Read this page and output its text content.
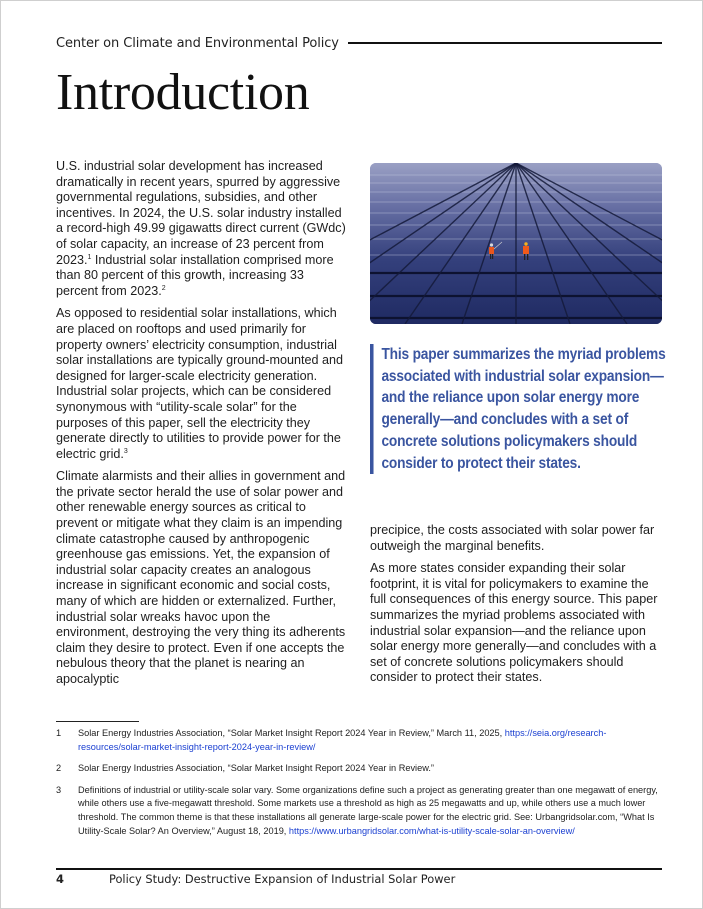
Center on Climate and Environmental Policy
Introduction

U.S. industrial solar development has increased dramatically in recent years, spurred by aggressive governmental regulations, subsidies, and other incentives. In 2024, the U.S. solar industry installed a record-high 49.99 gigawatts direct current (GWdc) of solar capacity, an increase of 23 percent from 2023.$^1$ Industrial solar installation comprised more than 80 percent of this growth, increasing 33 percent from 2023.$^2$

As opposed to residential solar installations, which are placed on rooftops and used primarily for property owners’ electricity consumption, industrial solar installations are typically ground-mounted and designed for larger-scale electricity generation. Industrial solar projects, which can be considered synonymous with “utility-scale solar” for the purposes of this paper, sell the electricity they generate directly to utilities to provide power for the electric grid.$^3$

Climate alarmists and their allies in government and the private sector herald the use of solar power and other renewable energy sources as critical to prevent or mitigate what they claim is an impending climate catastrophe caused by anthropogenic greenhouse gas emissions. Yet, the expansion of industrial solar capacity creates an analogous increase in significant economic and social costs, many of which are hidden or externalized. Further, industrial solar wreaks havoc upon the environment, destroying the very thing its adherents claim they desire to protect. Even if one accepts the nebulous theory that the planet is nearing an apocalyptic

This paper summarizes the myriad problems associated with industrial solar expansion—and the reliance upon solar energy more generally—and concludes with a set of concrete solutions policymakers should consider to protect their states.

precipice, the costs associated with solar power far outweigh the marginal benefits.

As more states consider expanding their solar footprint, it is vital for policymakers to examine the full consequences of this energy source. This paper summarizes the myriad problems associated with industrial solar expansion—and the reliance upon solar energy more generally—and concludes with a set of concrete solutions policymakers should consider to protect their states.

1	Solar Energy Industries Association, “Solar Market Insight Report 2024 Year in Review,” March 11, 2025, https://seia.org/research-resources/solar-market-insight-report-2024-year-in-review/
2	Solar Energy Industries Association, “Solar Market Insight Report 2024 Year in Review.”
3	Definitions of industrial or utility-scale solar vary. Some organizations define such a project as generating greater than one megawatt of energy, while others use a five-megawatt threshold. Some markets use a threshold as high as 25 megawatts and up, while others use a much lower threshold. The common theme is that these installations all generate large-scale power for the electric grid. See: Urbangridsolar.com, “What Is Utility-Scale Solar? An Overview,” August 18, 2019, https://www.urbangridsolar.com/what-is-utility-scale-solar-an-overview/
4	Policy Study: Destructive Expansion of Industrial Solar Power
